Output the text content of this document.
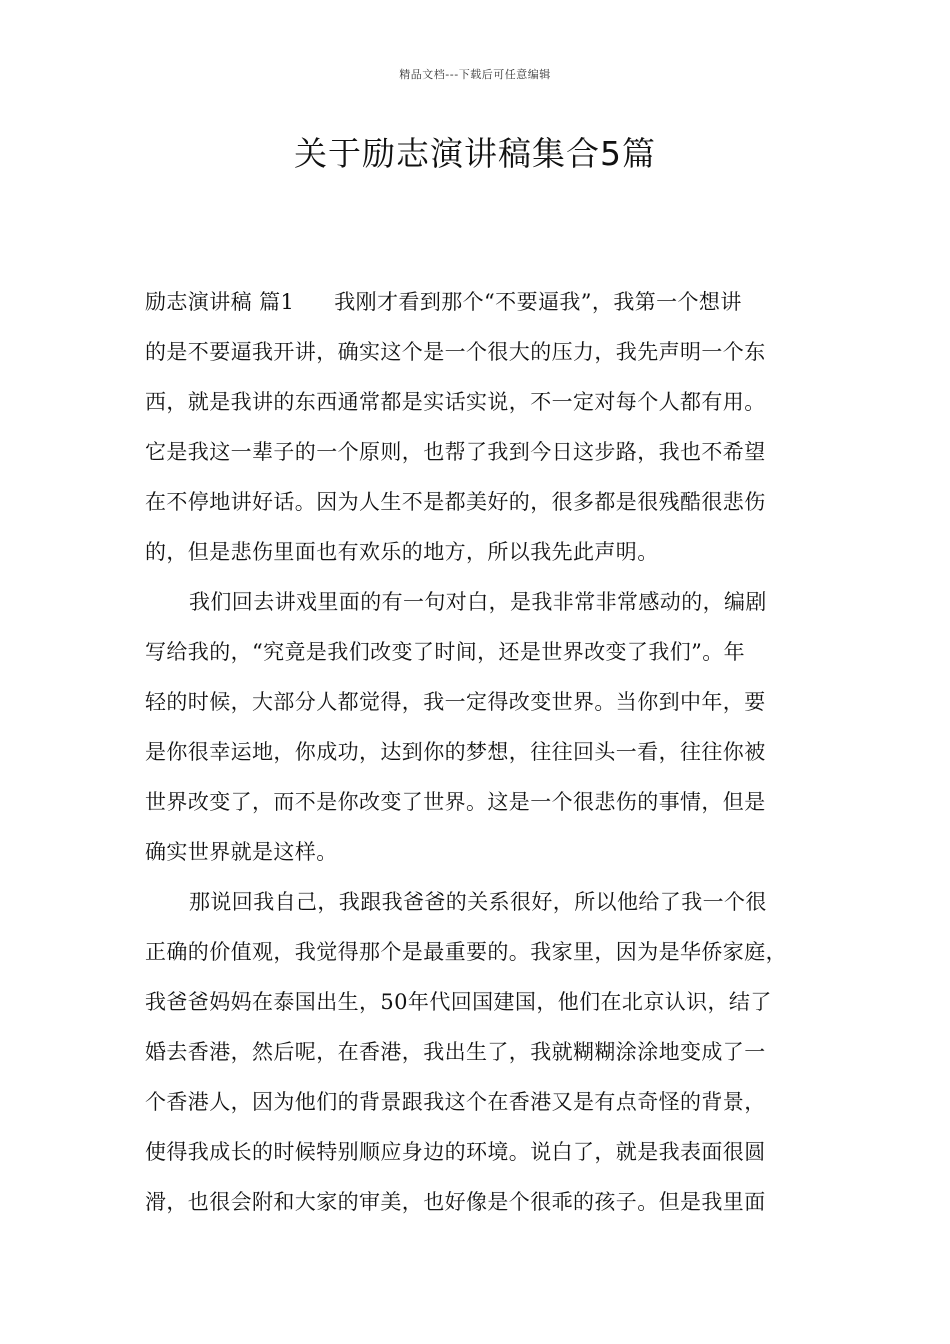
精品文档---下载后可任意编辑
关于励志演讲稿集合5篇
励志演讲稿 篇1 我刚才看到那个“不要逼我”，我第一个想讲
的是不要逼我开讲，确实这个是一个很大的压力，我先声明一个东
西，就是我讲的东西通常都是实话实说，不一定对每个人都有用。
它是我这一辈子的一个原则，也帮了我到今日这步路，我也不希望
在不停地讲好话。因为人生不是都美好的，很多都是很残酷很悲伤
的，但是悲伤里面也有欢乐的地方，所以我先此声明。
我们回去讲戏里面的有一句对白，是我非常非常感动的，编剧
写给我的，“究竟是我们改变了时间，还是世界改变了我们”。年
轻的时候，大部分人都觉得，我一定得改变世界。当你到中年，要
是你很幸运地，你成功，达到你的梦想，往往回头一看，往往你被
世界改变了，而不是你改变了世界。这是一个很悲伤的事情，但是
确实世界就是这样。
那说回我自己，我跟我爸爸的关系很好，所以他给了我一个很
正确的价值观，我觉得那个是最重要的。我家里，因为是华侨家庭，
我爸爸妈妈在泰国出生，50年代回国建国，他们在北京认识，结了
婚去香港，然后呢，在香港，我出生了，我就糊糊涂涂地变成了一
个香港人，因为他们的背景跟我这个在香港又是有点奇怪的背景，
使得我成长的时候特别顺应身边的环境。说白了，就是我表面很圆
滑，也很会附和大家的审美，也好像是个很乖的孩子。但是我里面
